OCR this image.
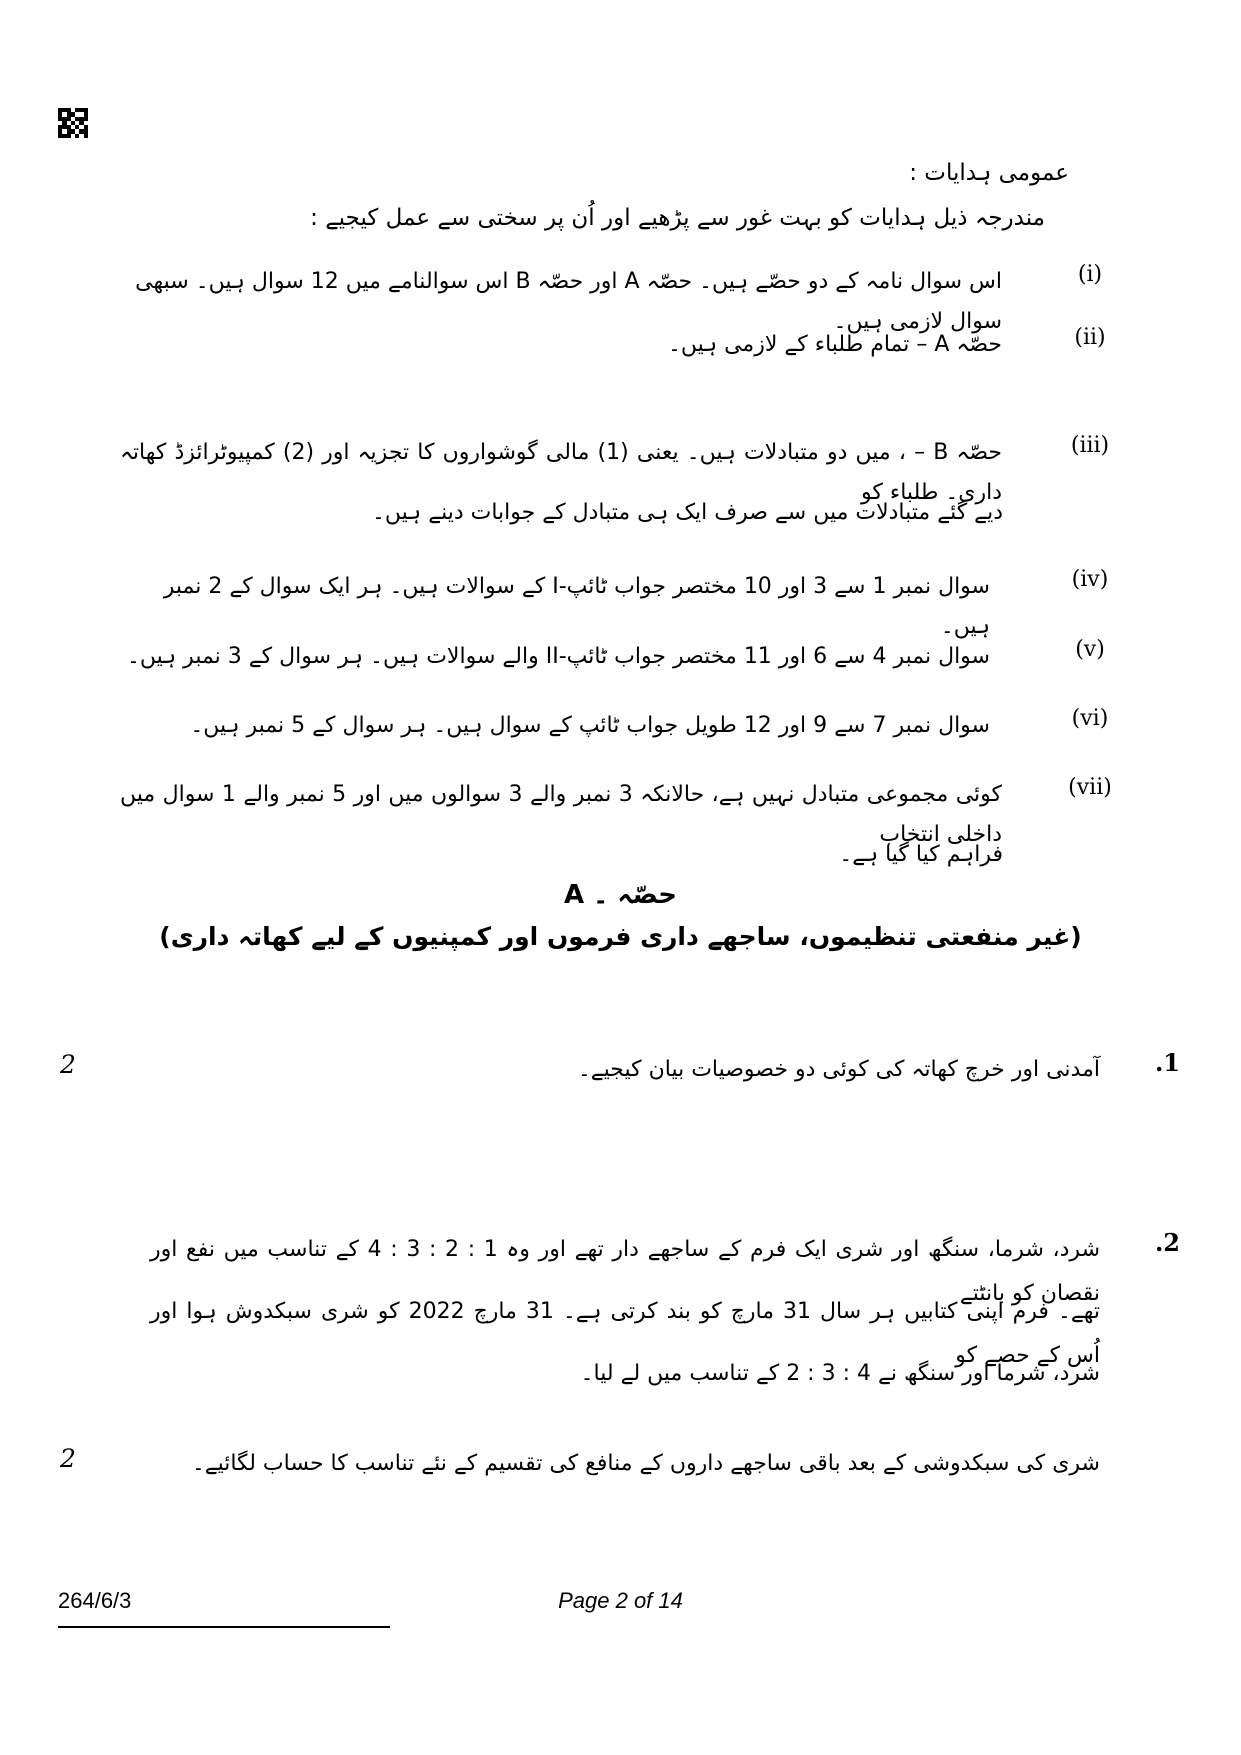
عمومی ہدایات :
مندرجہ ذیل ہدایات کو بہت غور سے پڑھیے اور اُن پر سختی سے عمل کیجیے :
(i)
اس سوال نامہ کے دو حصّے ہیں۔ حصّہ A اور حصّہ B اس سوالنامے میں 12 سوال ہیں۔ سبھی سوال لازمی ہیں۔
(ii)
حصّہ A – تمام طلباء کے لازمی ہیں۔
(iii)
حصّہ B – ، میں دو متبادلات ہیں۔ یعنی (1) مالی گوشواروں کا تجزیہ اور (2) کمپیوٹرائزڈ کھاتہ داری۔ طلباء کو
دیے گئے متبادلات میں سے صرف ایک ہی متبادل کے جوابات دینے ہیں۔
(iv)
سوال نمبر 1 سے 3 اور 10 مختصر جواب ٹائپ-I کے سوالات ہیں۔ ہر ایک سوال کے 2 نمبر ہیں۔
(v)
سوال نمبر 4 سے 6 اور 11 مختصر جواب ٹائپ-II والے سوالات ہیں۔ ہر سوال کے 3 نمبر ہیں۔
(vi)
سوال نمبر 7 سے 9 اور 12 طویل جواب ٹائپ کے سوال ہیں۔ ہر سوال کے 5 نمبر ہیں۔
(vii)
کوئی مجموعی متبادل نہیں ہے، حالانکہ 3 نمبر والے 3 سوالوں میں اور 5 نمبر والے 1 سوال میں داخلی انتخاب
فراہم کیا گیا ہے۔
حصّہ ۔ A
(غیر منفعتی تنظیموں، ساجھے داری فرموں اور کمپنیوں کے لیے کھاتہ داری)
.1
آمدنی اور خرچ کھاتہ کی کوئی دو خصوصیات بیان کیجیے۔
2
.2
شرد، شرما، سنگھ اور شری ایک فرم کے ساجھے دار تھے اور وہ 1 : 2 : 3 : 4 کے تناسب میں نفع اور نقصان کو بانٹتے
تھے۔ فرم اپنی کتابیں ہر سال 31 مارچ کو بند کرتی ہے۔ 31 مارچ 2022 کو شری سبکدوش ہوا اور اُس کے حصے کو
شرد، شرما اور سنگھ نے 4 : 3 : 2 کے تناسب میں لے لیا۔
شری کی سبکدوشی کے بعد باقی ساجھے داروں کے منافع کی تقسیم کے نئے تناسب کا حساب لگائیے۔
2
264/6/3	Page 2 of 14
